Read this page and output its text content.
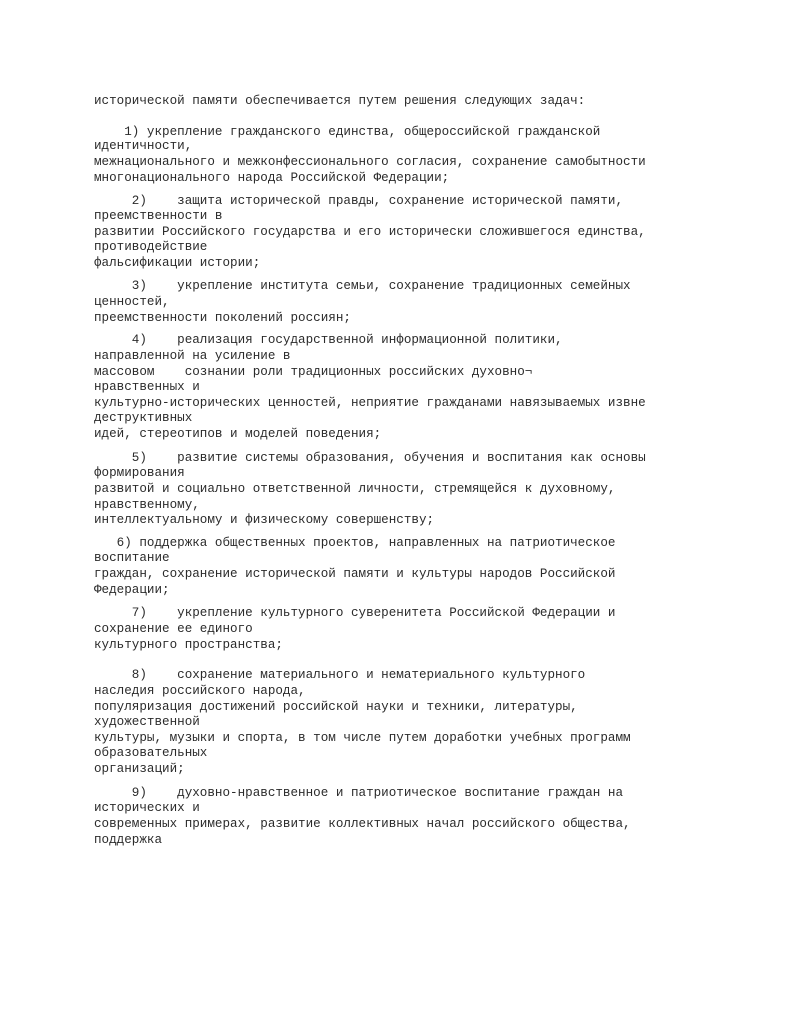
исторической памяти обеспечивается путем решения следующих задач:

1) укрепление гражданского единства, общероссийской гражданской

идентичности,

межнационального и межконфессионального согласия, сохранение самобытности

многонационального народа Российской Федерации;

2)    защита исторической правды, сохранение исторической памяти,

преемственности в

развитии Российского государства и его исторически сложившегося единства,

противодействие

фальсификации истории;

3)    укрепление института семьи, сохранение традиционных семейных

ценностей,

преемственности поколений россиян;

4)    реализация государственной информационной политики,

направленной на усиление в

массовом    сознании роли традиционных российских духовно¬

нравственных и

культурно-исторических ценностей, неприятие гражданами навязываемых извне

деструктивных

идей, стереотипов и моделей поведения;

5)    развитие системы образования, обучения и воспитания как основы

формирования

развитой и социально ответственной личности, стремящейся к духовному,

нравственному,

интеллектуальному и физическому совершенству;

6) поддержка общественных проектов, направленных на патриотическое

воспитание

граждан, сохранение исторической памяти и культуры народов Российской

Федерации;

7)    укрепление культурного суверенитета Российской Федерации и

сохранение ее единого

культурного пространства;

8)    сохранение материального и нематериального культурного

наследия российского народа,

популяризация достижений российской науки и техники, литературы,

художественной

культуры, музыки и спорта, в том числе путем доработки учебных программ

образовательных

организаций;

9)    духовно-нравственное и патриотическое воспитание граждан на

исторических и

современных примерах, развитие коллективных начал российского общества,

поддержка
